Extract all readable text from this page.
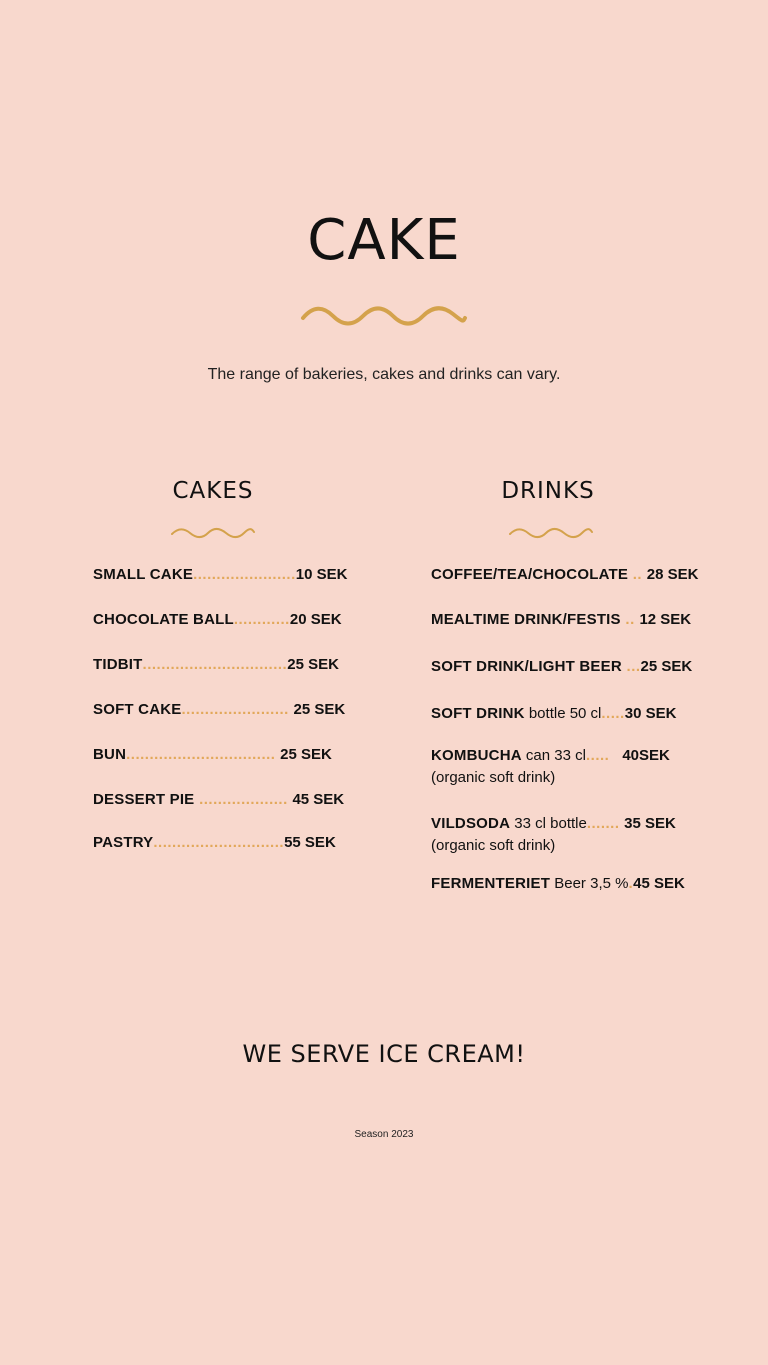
CAKE
The range of bakeries, cakes and drinks can vary.
CAKES
SMALL CAKE......................10 SEK
CHOCOLATE BALL............20 SEK
TIDBIT...............................25 SEK
SOFT CAKE....................... 25 SEK
BUN................................ 25 SEK
DESSERT PIE ................... 45 SEK
PASTRY............................55 SEK
DRINKS
COFFEE/TEA/CHOCOLATE .. 28 SEK
MEALTIME DRINK/FESTIS .. 12 SEK
SOFT DRINK/LIGHT BEER ...25 SEK
SOFT DRINK bottle 50 cl.....30 SEK
KOMBUCHA can 33 cl.....   40SEK
(organic soft drink)
VILDSODA 33 cl bottle....... 35 SEK
(organic soft drink)
FERMENTERIET Beer 3,5 %.45 SEK
WE SERVE ICE CREAM!
Season 2023
